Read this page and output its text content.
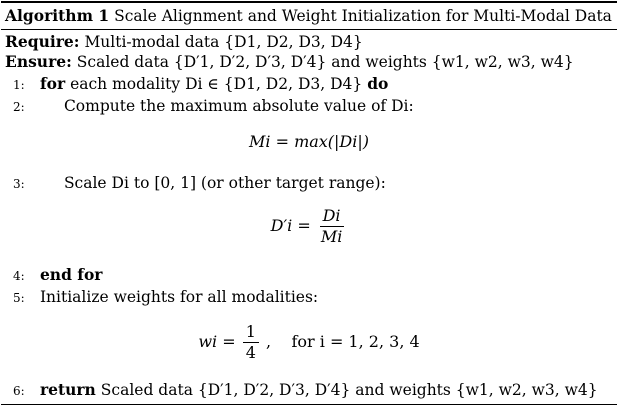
Algorithm 1 Scale Alignment and Weight Initialization for Multi-Modal Data
Require: Multi-modal data {D1, D2, D3, D4}
Ensure: Scaled data {D′1, D′2, D′3, D′4} and weights {w1, w2, w3, w4}
1: for each modality Di ∈ {D1, D2, D3, D4} do
2:	Compute the maximum absolute value of Di:
Mi = max(|Di|)
3:	Scale Di to [0, 1] (or other target range):
$D'i = \frac{Di}{Mi}$
4: end for
5: Initialize weights for all modalities:
wi = $\frac{1}{4}$ ,    for i = 1, 2, 3, 4
6: return Scaled data {D′1, D′2, D′3, D′4} and weights {w1, w2, w3, w4}
